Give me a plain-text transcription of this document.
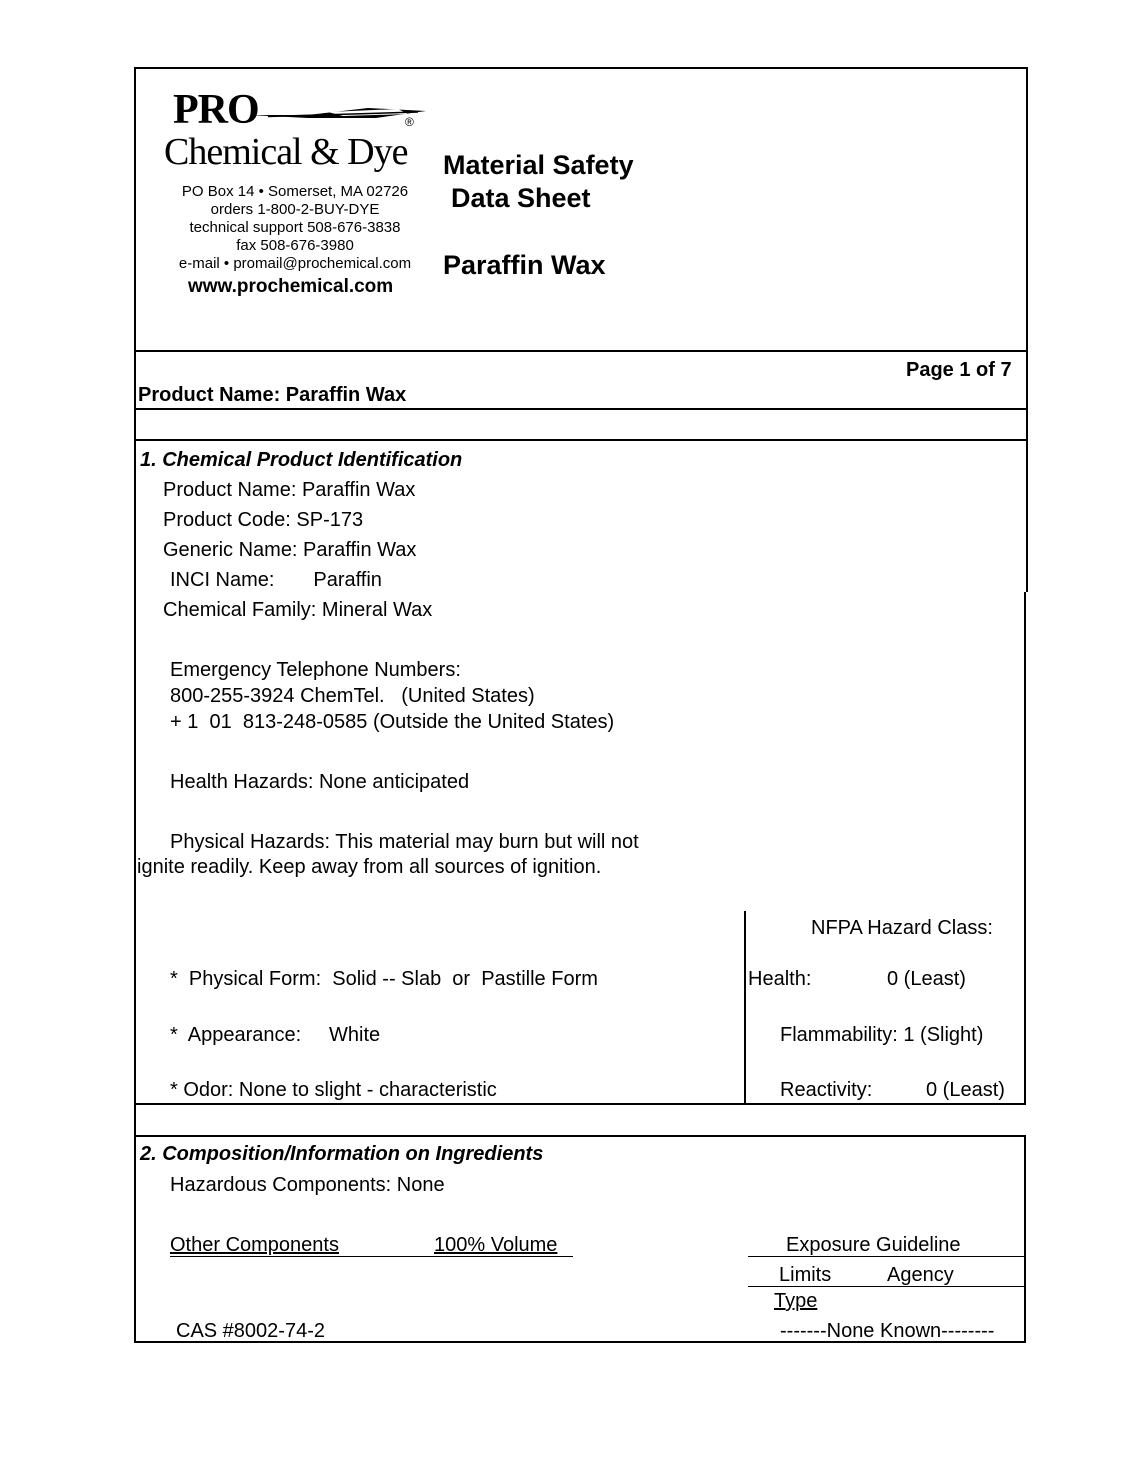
PRO	®
Chemical & Dye
PO Box 14 • Somerset, MA 02726
orders 1-800-2-BUY-DYE
technical support 508-676-3838
fax 508-676-3980
e-mail • promail@prochemical.com
www.prochemical.com
Material Safety
Data Sheet
Paraffin Wax
Page 1 of 7
Product Name: Paraffin Wax
1. Chemical Product Identification
Product Name: Paraffin Wax
Product Code: SP-173
Generic Name: Paraffin Wax
INCI Name:       Paraffin
Chemical Family: Mineral Wax
Emergency Telephone Numbers:
800-255-3924 ChemTel.   (United States)
+ 1  01  813-248-0585 (Outside the United States)
Health Hazards: None anticipated
Physical Hazards: This material may burn but will not
ignite readily. Keep away from all sources of ignition.
*  Physical Form:  Solid -- Slab  or  Pastille Form
*  Appearance:     White
* Odor: None to slight - characteristic
NFPA Hazard Class:
Health:	0 (Least)
Flammability: 1 (Slight)
Reactivity:	0 (Least)
2. Composition/Information on Ingredients
Hazardous Components: None
Other Components	100% Volume	Exposure Guideline
Limits	Agency
Type
CAS #8002-74-2	-------None Known--------
